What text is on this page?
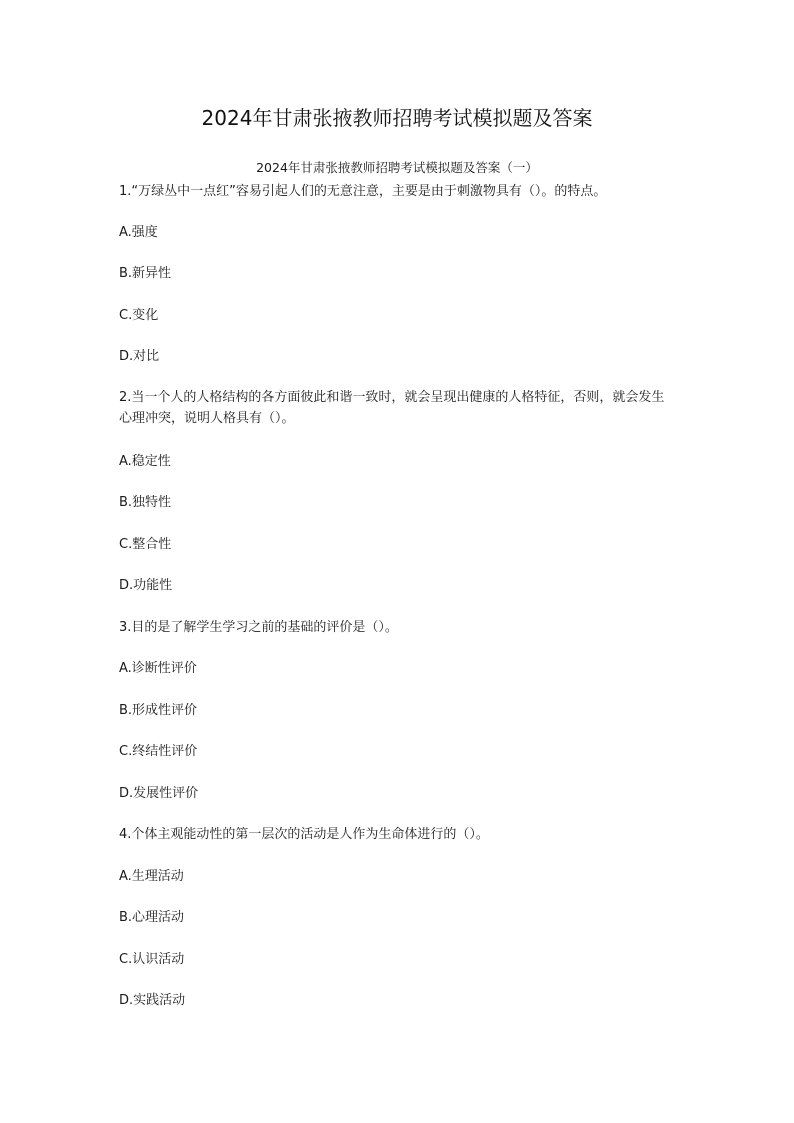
2024年甘肃张掖教师招聘考试模拟题及答案
2024年甘肃张掖教师招聘考试模拟题及答案（一）
1.“万绿丛中一点红”容易引起人们的无意注意，主要是由于刺激物具有（）。的特点。
A.强度
B.新异性
C.变化
D.对比
2.当一个人的人格结构的各方面彼此和谐一致时，就会呈现出健康的人格特征，否则，就会发生心理冲突，说明人格具有（）。
A.稳定性
B.独特性
C.整合性
D.功能性
3.目的是了解学生学习之前的基础的评价是（）。
A.诊断性评价
B.形成性评价
C.终结性评价
D.发展性评价
4.个体主观能动性的第一层次的活动是人作为生命体进行的（）。
A.生理活动
B.心理活动
C.认识活动
D.实践活动
